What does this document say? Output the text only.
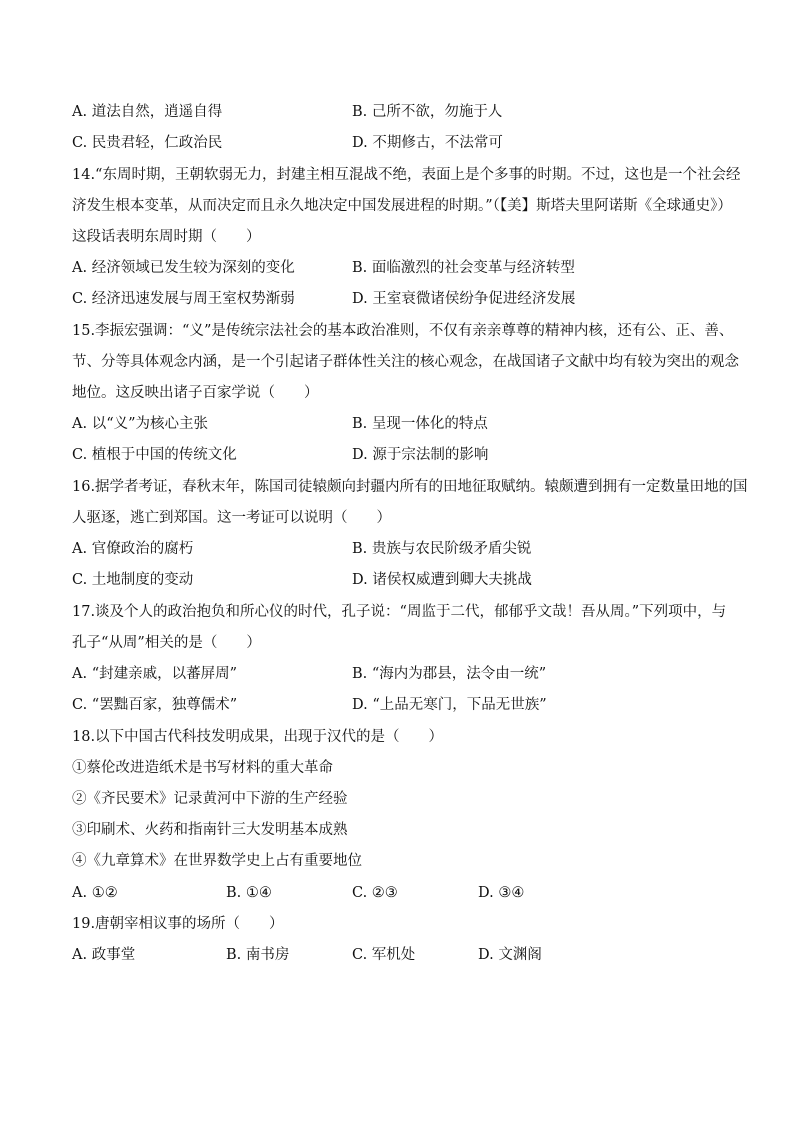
A. 道法自然，逍遥自得	B. 己所不欲，勿施于人
C. 民贵君轻，仁政治民	D. 不期修古，不法常可
14.“东周时期，王朝软弱无力，封建主相互混战不绝，表面上是个多事的时期。不过，这也是一个社会经
济发生根本变革，从而决定而且永久地决定中国发展进程的时期。”（【美】斯塔夫里阿诺斯《全球通史》）
这段话表明东周时期（　　）
A. 经济领域已发生较为深刻的变化	B. 面临激烈的社会变革与经济转型
C. 经济迅速发展与周王室权势渐弱	D. 王室衰微诸侯纷争促进经济发展
15.李振宏强调：“义”是传统宗法社会的基本政治准则，不仅有亲亲尊尊的精神内核，还有公、正、善、
节、分等具体观念内涵，是一个引起诸子群体性关注的核心观念，在战国诸子文献中均有较为突出的观念
地位。这反映出诸子百家学说（　　）
A. 以“义”为核心主张	B. 呈现一体化的特点
C. 植根于中国的传统文化	D. 源于宗法制的影响
16.据学者考证，春秋末年，陈国司徒辕颇向封疆内所有的田地征取赋纳。辕颇遭到拥有一定数量田地的国
人驱逐，逃亡到郑国。这一考证可以说明（　　）
A. 官僚政治的腐朽	B. 贵族与农民阶级矛盾尖锐
C. 土地制度的变动	D. 诸侯权威遭到卿大夫挑战
17.谈及个人的政治抱负和所心仪的时代，孔子说：“周监于二代，郁郁乎文哉！吾从周。”下列项中，与
孔子“从周”相关的是（　　）
A. “封建亲戚，以蕃屏周”	B. “海内为郡县，法令由一统”
C. “罢黜百家，独尊儒术”	D. “上品无寒门，下品无世族”
18.以下中国古代科技发明成果，出现于汉代的是（　　）
①蔡伦改进造纸术是书写材料的重大革命
②《齐民要术》记录黄河中下游的生产经验
③印刷术、火药和指南针三大发明基本成熟
④《九章算术》在世界数学史上占有重要地位
A. ①②	B. ①④	C. ②③	D. ③④
19.唐朝宰相议事的场所（　　）
A. 政事堂	B. 南书房	C. 军机处	D. 文渊阁
